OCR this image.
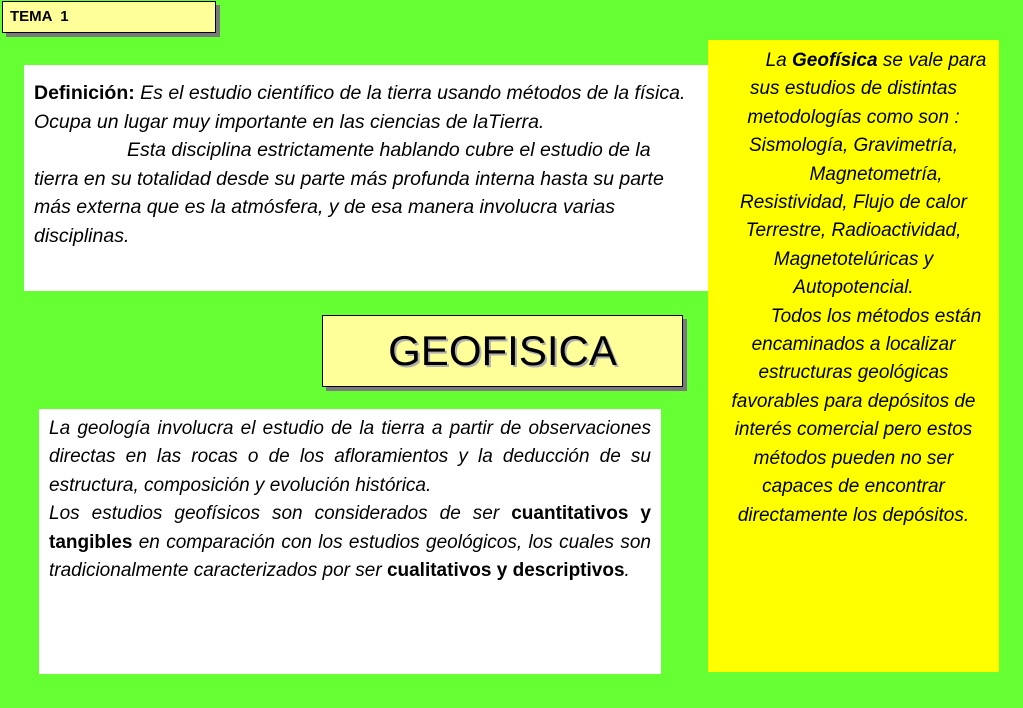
TEMA  1
Definición: Es el estudio científico de la tierra usando métodos de la física. Ocupa un lugar muy importante en las ciencias de laTierra.
Esta disciplina estrictamente hablando cubre el estudio de la tierra en su totalidad desde su parte más profunda interna hasta su parte más externa que es la atmósfera, y de esa manera involucra varias disciplinas.
GEOFISICA

La Geofísica se vale para sus estudios de distintas metodologías como son : Sismología, Gravimetría,

Magnetometría, Resistividad, Flujo de calor Terrestre, Radioactividad, Magnetotelúricas y Autopotencial.

Todos los métodos están encaminados a localizar estructuras geológicas favorables para depósitos de interés comercial pero estos métodos pueden no ser capaces de encontrar directamente los depósitos.

La geología involucra el estudio de la tierra a partir de observaciones directas en las rocas o de los afloramientos y la deducción de su estructura, composición y evolución histórica.

Los estudios geofísicos son considerados de ser cuantitativos y tangibles en comparación con los estudios geológicos, los cuales son tradicionalmente caracterizados por ser cualitativos y descriptivos.
